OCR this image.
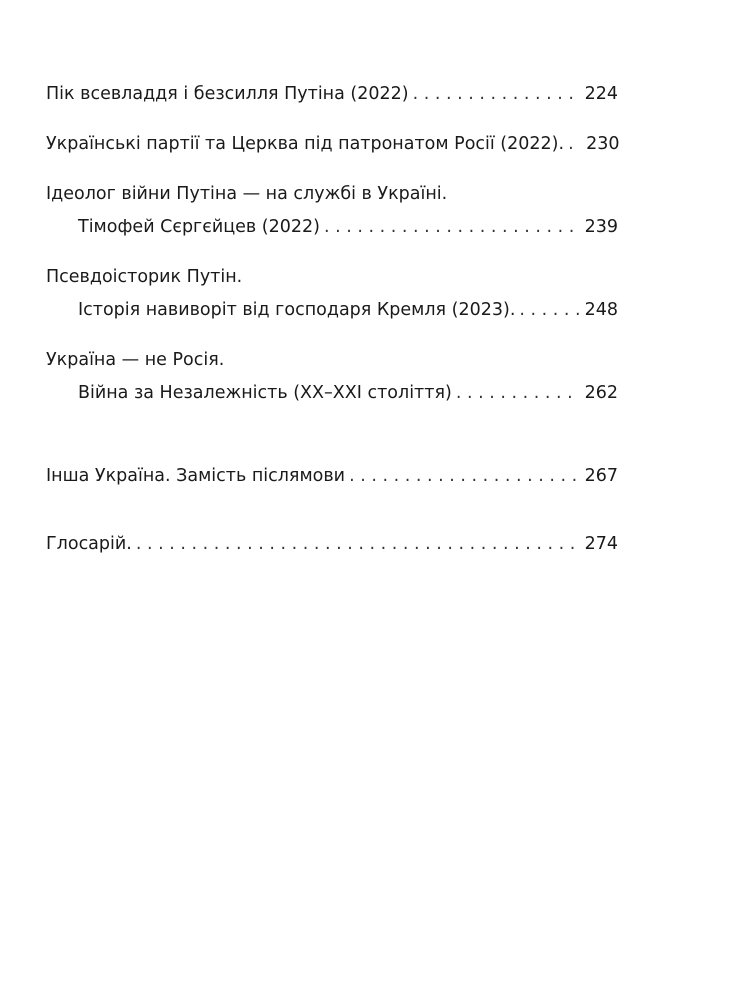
Пік всевладдя і безсилля Путіна (2022) . . .	224
Українські партії та Церква під патронатом Росії (2022). . . . 230
Ідеолог війни Путіна — на службі в Україні.
Тімофей Сєргєйцев (2022) . . .	239
Псевдоісторик Путін.
Історія навиворіт від господаря Кремля (2023). . . .	248
Україна — не Росія.
Війна за Незалежність (XX–XXI століття) . . .	262
Інша Україна. Замість післямови . . .	267
Глосарій. . . .	274
